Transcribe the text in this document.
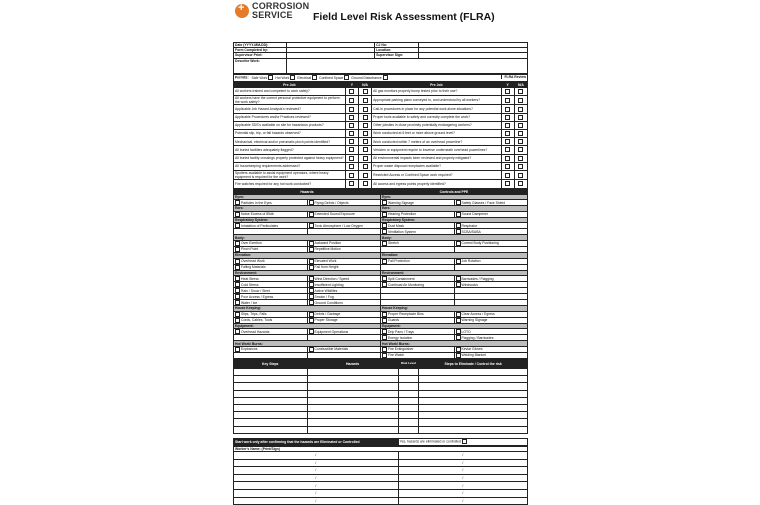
+
CORROSION
SERVICE	Field Level Risk Assessment (FLRA)
Date (YYYY-MM-DD):		CJ No:	
Form Completed by:		Location:	
Supervisor Print:		Supervisor Sign:	
Describe Work:			
Permits: Safe Work Hot Work Electrical Confined Space Ground Disturbance	FLRA Review
Pre Job	Y	N/A	Pre Job	Y	N/A
All workers trained and competent to work safely?			All gas monitors properly bump tested prior to their use?		
All workers have the correct personal protective equipment to perform the work safely?			Appropriate parking plans conveyed to, and understood by all workers?		
Applicable Job Hazard Analysis's reviewed?			Call-in procedures in place for any potential work alone situations?		
Applicable Procedures and/or Practices reviewed?			Proper tools available to safely and correctly complete the work?		
Applicable SDS's available on site for hazardous products?			Other jobsites in close proximity potentially endangering workers?		
Potential slip, trip, or fall hazards observed?			Work conducted at 6 feet or more above ground level?		
Mechanical, electrical and/or pneumatic pinch points identified?			Work conducted within 7 meters of an overhead powerline?		
All buried facilities adequately flagged?			Vehicles or equipment require to traverse underneath overhead powerlines?		
All buried facility crossings properly protected against heavy equipment?			All environmental impacts been reviewed and properly mitigated?		
All housekeeping requirements addressed?			Proper waste disposal receptacles available?		
Spotters available to assist equipment operators, where heavy equipment is required for the work?			Restricted Access or Confined Space work required?		
Fire watches required for any hot work conducted?			All access and egress points properly identified?		
Hazards		Controls and PPE	
Eyes:		Eyes:	
Particles in the Eyes	Flying Debris / Objects	Warning Signage	Safety Glasses / Face Shield
Ears:		Ears:	
Noise Excess of 85db	Extended Sound Exposure	Hearing Protection	Sound Dampener
Respiratory System:		Respiratory System:	
Inhalation of Particulates	Toxic Atmosphere / Low Oxygen	Dust Mask	Respirator
		Ventilation System	SCBA/SABA
Body:		Body:	
Over Exertion	Awkward Position	Stretch	Correct Body Positioning
Pinch Point	Repetitive Motion		
Elevation:		Elevation:	
Overhead Work	Elevated Work	Fall Protection	Job Rotation
Falling Materials	Fall from Height		
Environment:		Environment:	
Heat Stress	Wind Direction / Speed	Spill Containment	Barricades / Flagging
Cold Stress	Insufficient Lighting	Continual Air Monitoring	Windsocks
Rain / Snow / Sleet	Active Wildlifes		
Poor Access / Egress	Smoke / Fog		
Water / Ice	Ground Conditions		
House Keeping:		House Keeping:	
Slips, Trips, Falls	Debris / Garbage	Proper Receptacle Bins	Clear Access / Egress
Cords, Cables, Tools	Proper Storage	Guards	Warning Signage
Equipment:		Equipment:	
Overhead Hazards	Equipment Operations	Drip Pans / Trays	LOTO
		Energy Isolation	Flagging / Barricades
Hot Work/ Burns:		Hot Work/ Burns:	
Explosions	Combustible Materials	Fire Extinguisher	Kevlar Gloves
		Fire Watch	Welding Blanket
Key Steps	Hazards	Risk Level	Steps to Eliminate / Control the risk

Start work only after confirming that the hazards are Eliminated or Controlled	Yes, hazards are eliminated or controlled
Worker's Name: (Print/Sign)	
/	/
/	/
/	/
/	/
/	/
/	/
/	/
